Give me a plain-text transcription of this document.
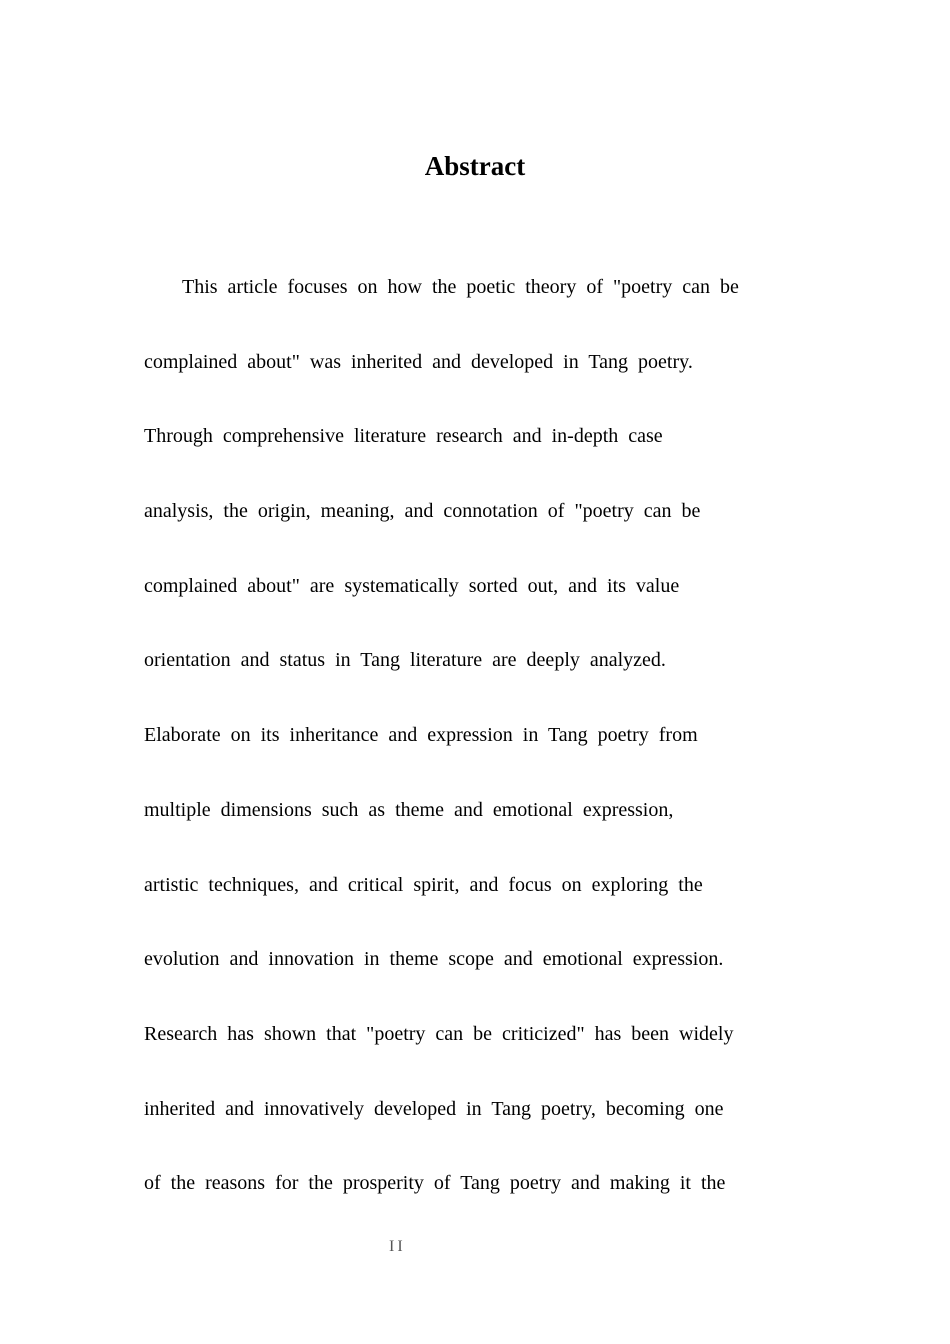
Abstract
This article focuses on how the poetic theory of "poetry can be
complained about" was inherited and developed in Tang poetry.
Through comprehensive literature research and in-depth case
analysis, the origin, meaning, and connotation of "poetry can be
complained about" are systematically sorted out, and its value
orientation and status in Tang literature are deeply analyzed.
Elaborate on its inheritance and expression in Tang poetry from
multiple dimensions such as theme and emotional expression,
artistic techniques, and critical spirit, and focus on exploring the
evolution and innovation in theme scope and emotional expression.
Research has shown that "poetry can be criticized" has been widely
inherited and innovatively developed in Tang poetry, becoming one
of the reasons for the prosperity of Tang poetry and making it the
II
